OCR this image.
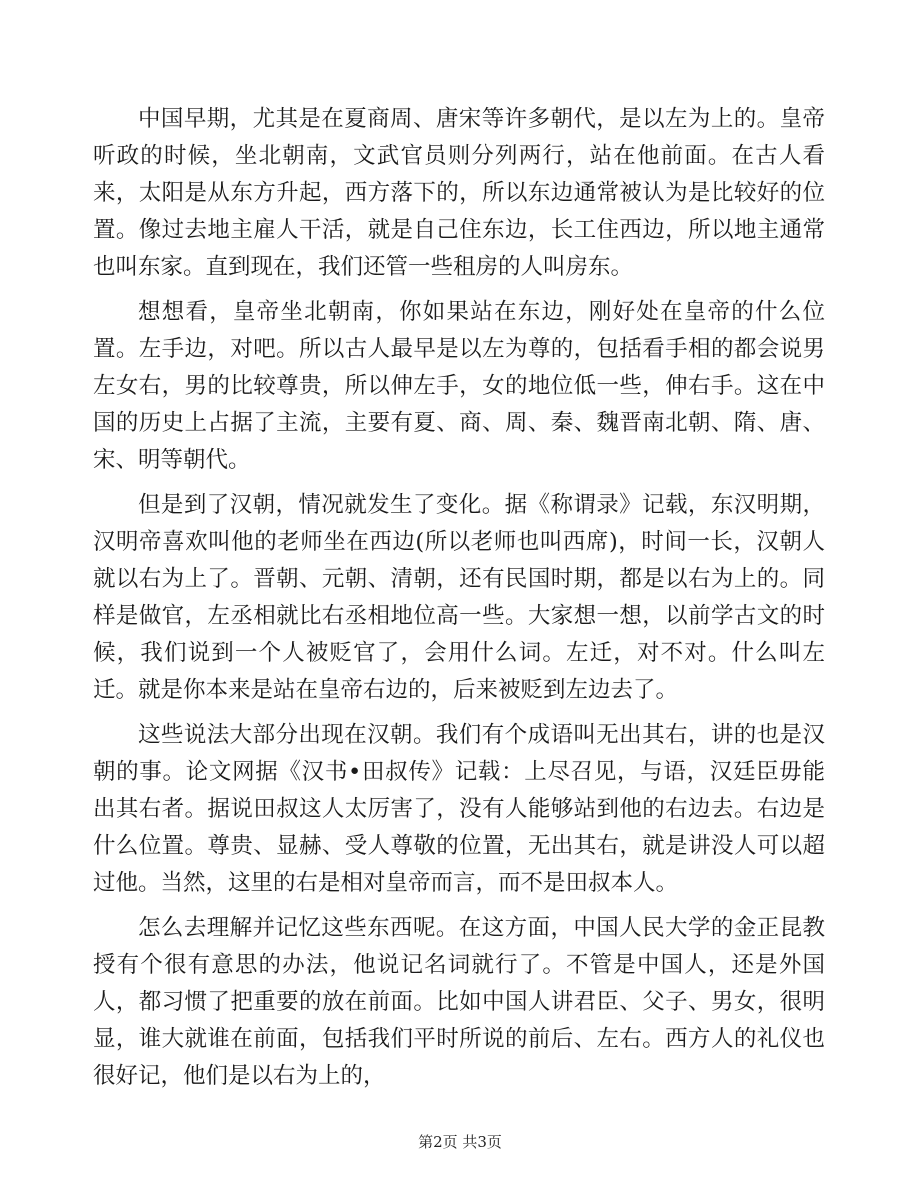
中国早期，尤其是在夏商周、唐宋等许多朝代，是以左为上的。皇帝听政的时候，坐北朝南，文武官员则分列两行，站在他前面。在古人看来，太阳是从东方升起，西方落下的，所以东边通常被认为是比较好的位置。像过去地主雇人干活，就是自己住东边，长工住西边，所以地主通常也叫东家。直到现在，我们还管一些租房的人叫房东。

想想看，皇帝坐北朝南，你如果站在东边，刚好处在皇帝的什么位置。左手边，对吧。所以古人最早是以左为尊的，包括看手相的都会说男左女右，男的比较尊贵，所以伸左手，女的地位低一些，伸右手。这在中国的历史上占据了主流，主要有夏、商、周、秦、魏晋南北朝、隋、唐、宋、明等朝代。

但是到了汉朝，情况就发生了变化。据《称谓录》记载，东汉明期，汉明帝喜欢叫他的老师坐在西边(所以老师也叫西席)，时间一长，汉朝人就以右为上了。晋朝、元朝、清朝，还有民国时期，都是以右为上的。同样是做官，左丞相就比右丞相地位高一些。大家想一想，以前学古文的时候，我们说到一个人被贬官了，会用什么词。左迁，对不对。什么叫左迁。就是你本来是站在皇帝右边的，后来被贬到左边去了。

这些说法大部分出现在汉朝。我们有个成语叫无出其右，讲的也是汉朝的事。论文网据《汉书•田叔传》记载：上尽召见，与语，汉廷臣毋能出其右者。据说田叔这人太厉害了，没有人能够站到他的右边去。右边是什么位置。尊贵、显赫、受人尊敬的位置，无出其右，就是讲没人可以超过他。当然，这里的右是相对皇帝而言，而不是田叔本人。

怎么去理解并记忆这些东西呢。在这方面，中国人民大学的金正昆教授有个很有意思的办法，他说记名词就行了。不管是中国人，还是外国人，都习惯了把重要的放在前面。比如中国人讲君臣、父子、男女，很明显，谁大就谁在前面，包括我们平时所说的前后、左右。西方人的礼仪也很好记，他们是以右为上的，

第2页 共3页
